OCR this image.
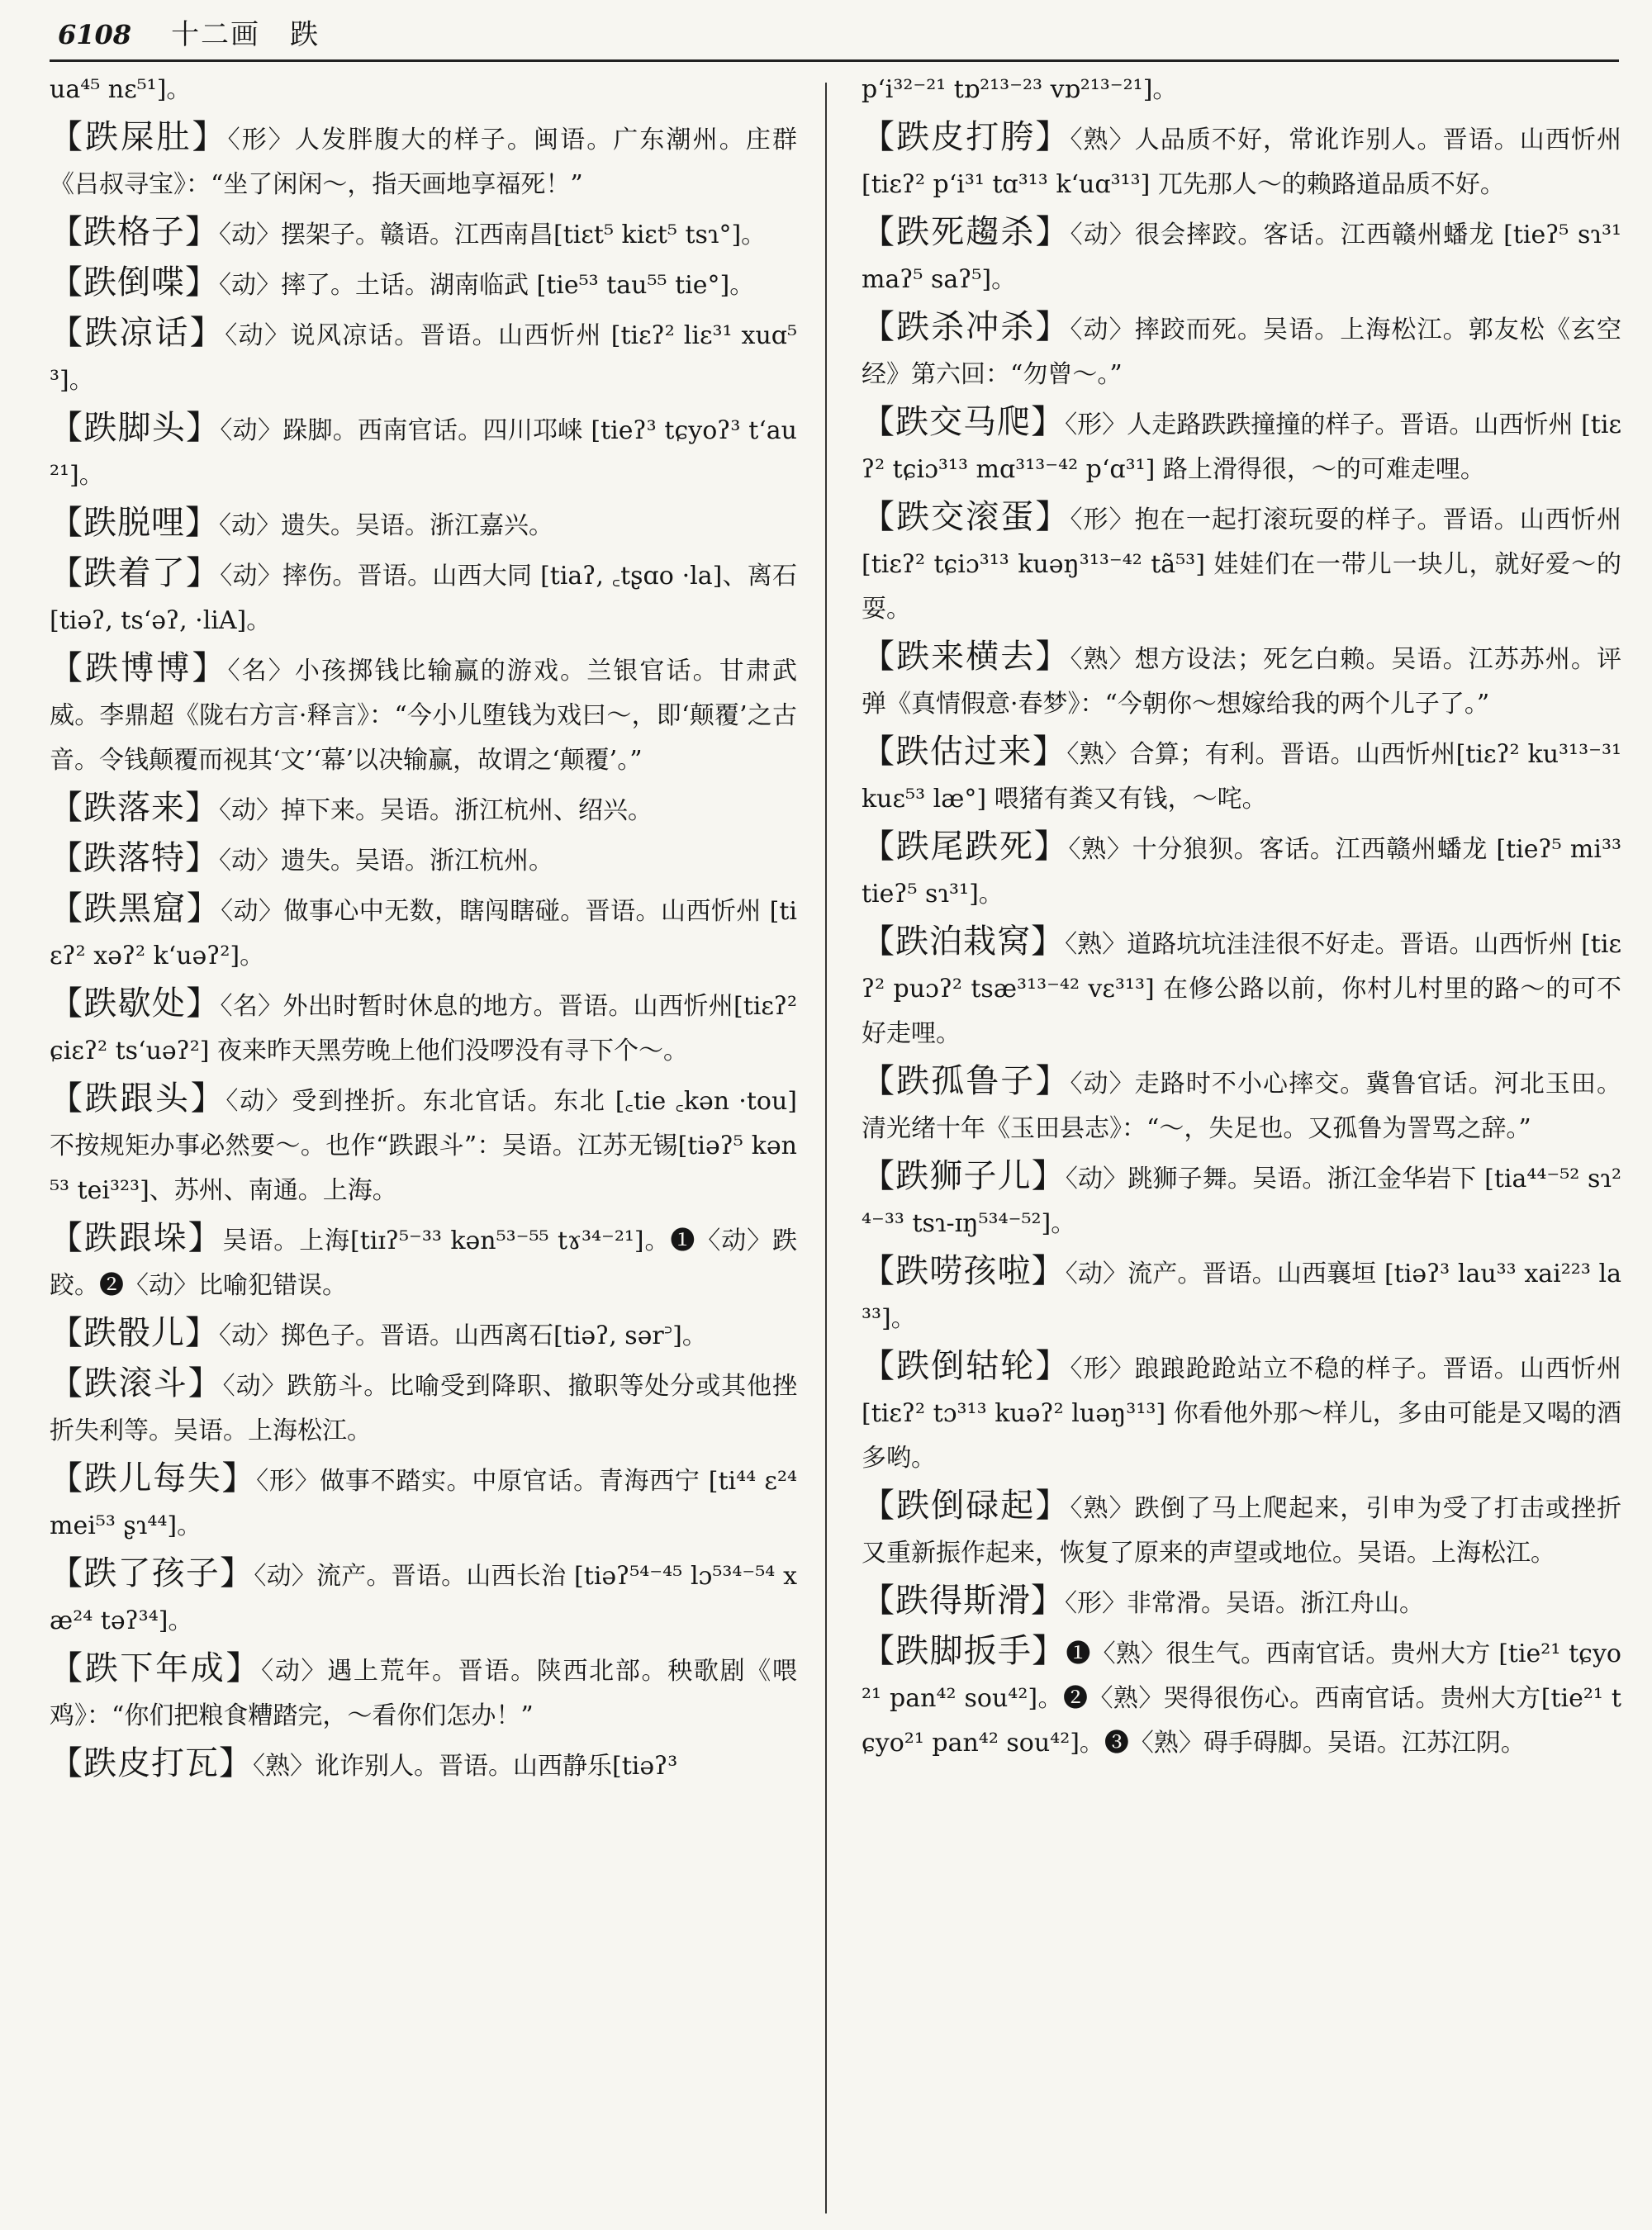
6108 十二画　跌
ua⁴⁵ nɛ⁵¹]。
【跌屎肚】〈形〉人发胖腹大的样子。闽语。广东潮州。庄群《吕叔寻宝》：“坐了闲闲～，指天画地享福死！”
【跌格子】〈动〉摆架子。赣语。江西南昌[tiɛt⁵ kiɛt⁵ tsɿ°]。
【跌倒喋】〈动〉摔了。土话。湖南临武 [tie⁵³ tau⁵⁵ tie°]。
【跌凉话】〈动〉说风凉话。晋语。山西忻州 [tiɛʔ² liɛ³¹ xuɑ⁵³]。
【跌脚头】〈动〉跺脚。西南官话。四川邛崃 [tieʔ³ tɕyoʔ³ t‘au²¹]。
【跌脱哩】〈动〉遗失。吴语。浙江嘉兴。
【跌着了】〈动〉摔伤。晋语。山西大同 [tiaʔ, ꜀tʂɑo ·la]、离石 [tiəʔ, ts‘əʔ, ·liA]。
【跌博博】〈名〉小孩掷钱比输赢的游戏。兰银官话。甘肃武威。李鼎超《陇右方言·释言》：“今小儿堕钱为戏曰～，即‘颠覆’之古音。令钱颠覆而视其‘文’‘幕’以决输赢，故谓之‘颠覆’。”
【跌落来】〈动〉掉下来。吴语。浙江杭州、绍兴。
【跌落特】〈动〉遗失。吴语。浙江杭州。
【跌黑窟】〈动〉做事心中无数，瞎闯瞎碰。晋语。山西忻州 [tiɛʔ² xəʔ² k‘uəʔ²]。
【跌歇处】〈名〉外出时暂时休息的地方。晋语。山西忻州[tiɛʔ² ɕiɛʔ² ts‘uəʔ²] 夜来昨天黑劳晚上他们没啰没有寻下个～。
【跌跟头】〈动〉受到挫折。东北官话。东北 [꜀tie ꜀kən ·tou] 不按规矩办事必然要～。也作“跌跟斗”：吴语。江苏无锡[tiəʔ⁵ kən⁵³ tei³²³]、苏州、南通。上海。
【跌跟垛】吴语。上海[tiɪʔ⁵⁻³³ kən⁵³⁻⁵⁵ tɤ³⁴⁻²¹]。❶〈动〉跌跤。❷〈动〉比喻犯错误。
【跌骰儿】〈动〉掷色子。晋语。山西离石[tiəʔ, sər꜄]。
【跌滚斗】〈动〉跌筋斗。比喻受到降职、撤职等处分或其他挫折失利等。吴语。上海松江。
【跌儿每失】〈形〉做事不踏实。中原官话。青海西宁 [ti⁴⁴ ɛ²⁴ mei⁵³ ʂɿ⁴⁴]。
【跌了孩子】〈动〉流产。晋语。山西长治 [tiəʔ⁵⁴⁻⁴⁵ lɔ⁵³⁴⁻⁵⁴ xæ²⁴ təʔ³⁴]。
【跌下年成】〈动〉遇上荒年。晋语。陕西北部。秧歌剧《喂鸡》：“你们把粮食糟踏完，～看你们怎办！”
【跌皮打瓦】〈熟〉讹诈别人。晋语。山西静乐[tiəʔ³
p‘i³²⁻²¹ tɒ²¹³⁻²³ vɒ²¹³⁻²¹]。
【跌皮打胯】〈熟〉人品质不好，常讹诈别人。晋语。山西忻州 [tiɛʔ² p‘i³¹ tɑ³¹³ k‘uɑ³¹³] 兀先那人～的赖路道品质不好。
【跌死趨杀】〈动〉很会摔跤。客话。江西赣州蟠龙 [tieʔ⁵ sɿ³¹ maʔ⁵ saʔ⁵]。
【跌杀冲杀】〈动〉摔跤而死。吴语。上海松江。郭友松《玄空经》第六回：“勿曾～。”
【跌交马爬】〈形〉人走路跌跌撞撞的样子。晋语。山西忻州 [tiɛʔ² tɕiɔ³¹³ mɑ³¹³⁻⁴² p‘ɑ³¹] 路上滑得很，～的可难走哩。
【跌交滚蛋】〈形〉抱在一起打滚玩耍的样子。晋语。山西忻州 [tiɛʔ² tɕiɔ³¹³ kuəŋ³¹³⁻⁴² tã⁵³] 娃娃们在一带儿一块儿，就好爱～的耍。
【跌来横去】〈熟〉想方设法；死乞白赖。吴语。江苏苏州。评弹《真情假意·春梦》：“今朝你～想嫁给我的两个儿子了。”
【跌估过来】〈熟〉合算；有利。晋语。山西忻州[tiɛʔ² ku³¹³⁻³¹ kuɛ⁵³ læ°] 喂猪有粪又有钱，～咤。
【跌尾跌死】〈熟〉十分狼狈。客话。江西赣州蟠龙 [tieʔ⁵ mi³³ tieʔ⁵ sɿ³¹]。
【跌泊栽窝】〈熟〉道路坑坑洼洼很不好走。晋语。山西忻州 [tiɛʔ² puɔʔ² tsæ³¹³⁻⁴² vɛ³¹³] 在修公路以前，你村儿村里的路～的可不好走哩。
【跌孤鲁子】〈动〉走路时不小心摔交。冀鲁官话。河北玉田。清光绪十年《玉田县志》：“～，失足也。又孤鲁为詈骂之辞。”
【跌狮子儿】〈动〉跳狮子舞。吴语。浙江金华岩下 [tia⁴⁴⁻⁵² sɿ²⁴⁻³³ tsɿ-ɪŋ⁵³⁴⁻⁵²]。
【跌唠孩啦】〈动〉流产。晋语。山西襄垣 [tiəʔ³ lau³³ xai²²³ la³³]。
【跌倒轱轮】〈形〉踉踉跄跄站立不稳的样子。晋语。山西忻州 [tiɛʔ² tɔ³¹³ kuəʔ² luəŋ³¹³] 你看他外那～样儿，多由可能是又喝的酒多哟。
【跌倒碌起】〈熟〉跌倒了马上爬起来，引申为受了打击或挫折又重新振作起来，恢复了原来的声望或地位。吴语。上海松江。
【跌得斯滑】〈形〉非常滑。吴语。浙江舟山。
【跌脚扳手】❶〈熟〉很生气。西南官话。贵州大方 [tie²¹ tɕyo²¹ pan⁴² sou⁴²]。❷〈熟〉哭得很伤心。西南官话。贵州大方[tie²¹ tɕyo²¹ pan⁴² sou⁴²]。❸〈熟〉碍手碍脚。吴语。江苏江阴。
